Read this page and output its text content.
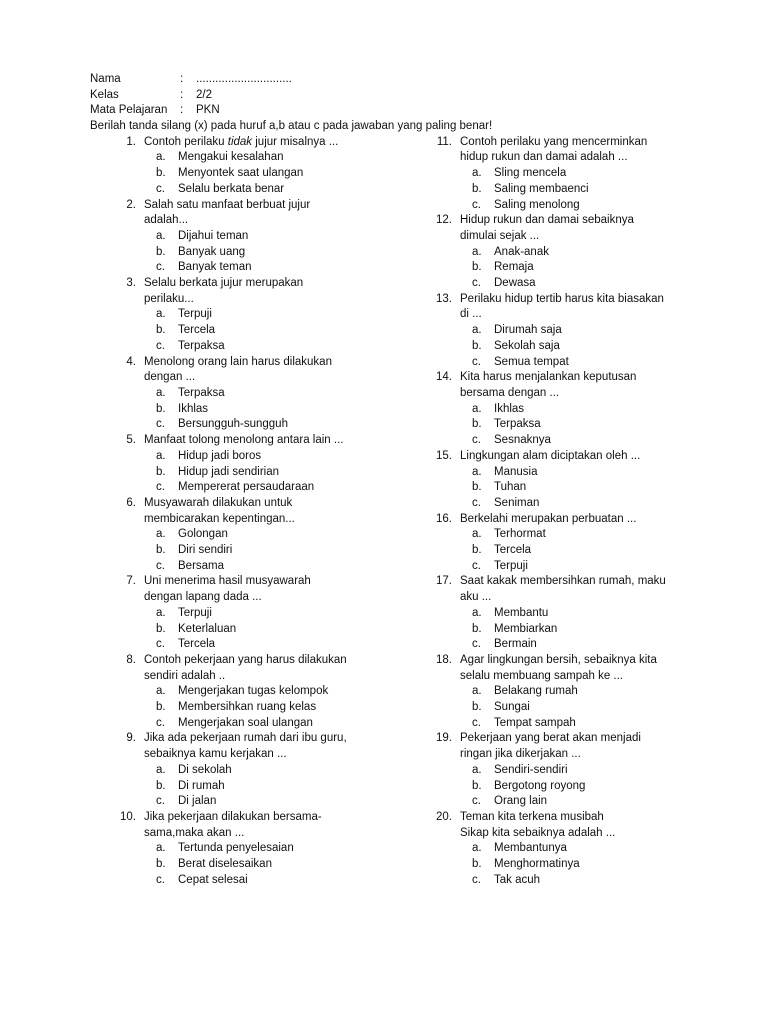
Nama	:	..............................
Kelas	:	2/2
Mata Pelajaran	:	PKN
Berilah tanda silang (x) pada huruf a,b atau c pada jawaban yang paling benar!
1. Contoh perilaku tidak jujur misalnya ...
a.	Mengakui kesalahan
b.	Menyontek saat ulangan
c.	Selalu berkata benar
2. Salah satu manfaat berbuat jujur
adalah...
a.	Dijahui teman
b.	Banyak uang
c.	Banyak teman
3. Selalu berkata jujur merupakan
perilaku...
a.	Terpuji
b.	Tercela
c.	Terpaksa
4. Menolong orang lain harus dilakukan
dengan ...
a.	Terpaksa
b.	Ikhlas
c.	Bersungguh-sungguh
5. Manfaat tolong menolong antara lain ...
a.	Hidup jadi boros
b.	Hidup jadi sendirian
c.	Mempererat persaudaraan
6. Musyawarah dilakukan untuk
membicarakan kepentingan...
a.	Golongan
b.	Diri sendiri
c.	Bersama
7. Uni menerima hasil musyawarah
dengan lapang dada ...
a.	Terpuji
b.	Keterlaluan
c.	Tercela
8. Contoh pekerjaan yang harus dilakukan
sendiri adalah ..
a.	Mengerjakan tugas kelompok
b.	Membersihkan ruang kelas
c.	Mengerjakan soal ulangan
9. Jika ada pekerjaan rumah dari ibu guru,
sebaiknya kamu kerjakan ...
a.	Di sekolah
b.	Di rumah
c.	Di jalan
10. Jika pekerjaan dilakukan bersama-
sama,maka akan ...
a.	Tertunda penyelesaian
b.	Berat diselesaikan
c.	Cepat selesai
11. Contoh perilaku yang mencerminkan
hidup rukun dan damai adalah ...
a.	Sling mencela
b.	Saling membaenci
c.	Saling menolong
12. Hidup rukun dan damai sebaiknya
dimulai sejak ...
a.	Anak-anak
b.	Remaja
c.	Dewasa
13. Perilaku hidup tertib harus kita biasakan
di ...
a.	Dirumah saja
b.	Sekolah saja
c.	Semua tempat
14. Kita harus menjalankan keputusan
bersama dengan ...
a.	Ikhlas
b.	Terpaksa
c.	Sesnaknya
15. Lingkungan alam diciptakan oleh ...
a.	Manusia
b.	Tuhan
c.	Seniman
16. Berkelahi merupakan perbuatan ...
a.	Terhormat
b.	Tercela
c.	Terpuji
17. Saat kakak membersihkan rumah, maku
aku ...
a.	Membantu
b.	Membiarkan
c.	Bermain
18. Agar lingkungan bersih, sebaiknya kita
selalu membuang sampah ke ...
a.	Belakang rumah
b.	Sungai
c.	Tempat sampah
19. Pekerjaan yang berat akan menjadi
ringan jika dikerjakan ...
a.	Sendiri-sendiri
b.	Bergotong royong
c.	Orang lain
20. Teman kita terkena musibah
Sikap kita sebaiknya adalah ...
a.	Membantunya
b.	Menghormatinya
c.	Tak acuh
